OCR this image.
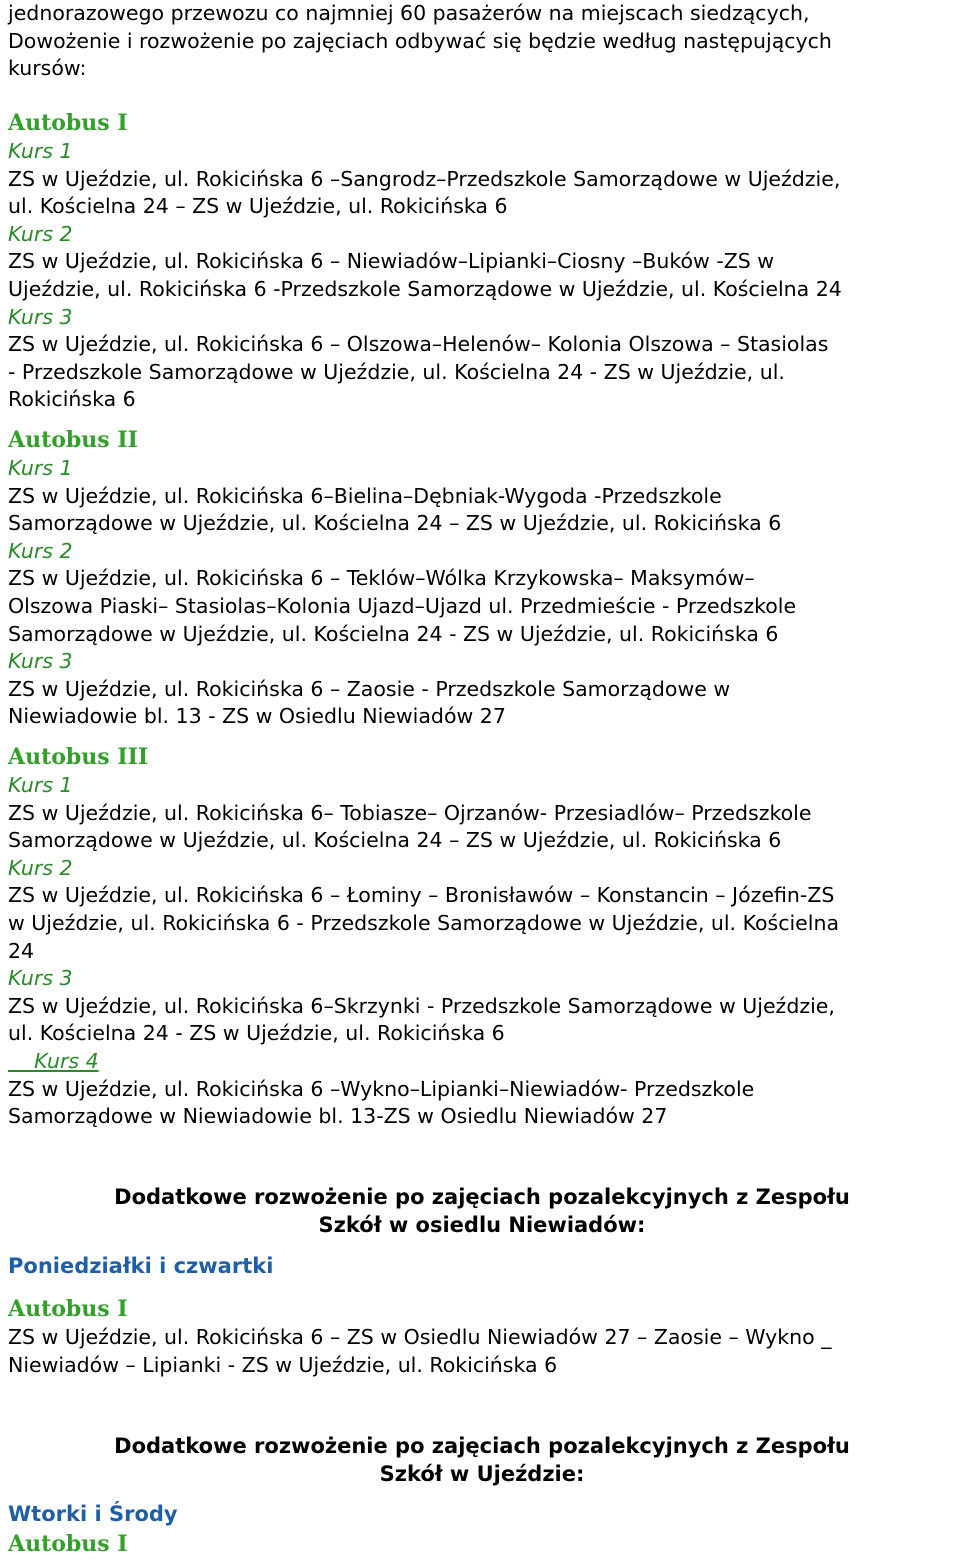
jednorazowego przewozu co najmniej 60 pasażerów na miejscach siedzących,

Dowożenie i rozwożenie po zajęciach odbywać się będzie według następujących

kursów:

Autobus I

Kurs 1

ZS w Ujeździe, ul. Rokicińska 6 –Sangrodz–Przedszkole Samorządowe w Ujeździe,

ul. Kościelna 24 – ZS w Ujeździe, ul. Rokicińska 6

Kurs 2

ZS w Ujeździe, ul. Rokicińska 6 – Niewiadów–Lipianki–Ciosny –Buków -ZS w

Ujeździe, ul. Rokicińska 6 -Przedszkole Samorządowe w Ujeździe, ul. Kościelna 24

Kurs 3

ZS w Ujeździe, ul. Rokicińska 6 – Olszowa–Helenów– Kolonia Olszowa – Stasiolas

- Przedszkole Samorządowe w Ujeździe, ul. Kościelna 24 - ZS w Ujeździe, ul.

Rokicińska 6

Autobus II

Kurs 1

ZS w Ujeździe, ul. Rokicińska 6–Bielina–Dębniak-Wygoda -Przedszkole

Samorządowe w Ujeździe, ul. Kościelna 24 – ZS w Ujeździe, ul. Rokicińska 6

Kurs 2

ZS w Ujeździe, ul. Rokicińska 6 – Teklów–Wólka Krzykowska– Maksymów–

Olszowa Piaski– Stasiolas–Kolonia Ujazd–Ujazd ul. Przedmieście - Przedszkole

Samorządowe w Ujeździe, ul. Kościelna 24 - ZS w Ujeździe, ul. Rokicińska 6

Kurs 3

ZS w Ujeździe, ul. Rokicińska 6 – Zaosie - Przedszkole Samorządowe w

Niewiadowie bl. 13 - ZS w Osiedlu Niewiadów 27

Autobus III

Kurs 1

ZS w Ujeździe, ul. Rokicińska 6– Tobiasze– Ojrzanów- Przesiadlów– Przedszkole

Samorządowe w Ujeździe, ul. Kościelna 24 – ZS w Ujeździe, ul. Rokicińska 6

Kurs 2

ZS w Ujeździe, ul. Rokicińska 6 – Łominy – Bronisławów – Konstancin – Józefin-ZS

w Ujeździe, ul. Rokicińska 6 - Przedszkole Samorządowe w Ujeździe, ul. Kościelna

24

Kurs 3

ZS w Ujeździe, ul. Rokicińska 6–Skrzynki - Przedszkole Samorządowe w Ujeździe,

ul. Kościelna 24 - ZS w Ujeździe, ul. Rokicińska 6

Kurs 4

ZS w Ujeździe, ul. Rokicińska 6 –Wykno–Lipianki–Niewiadów- Przedszkole

Samorządowe w Niewiadowie bl. 13-ZS w Osiedlu Niewiadów 27

Dodatkowe rozwożenie po zajęciach pozalekcyjnych z Zespołu

Szkół w osiedlu Niewiadów:

Poniedziałki i czwartki

Autobus I

ZS w Ujeździe, ul. Rokicińska 6 – ZS w Osiedlu Niewiadów 27 – Zaosie – Wykno _

Niewiadów – Lipianki - ZS w Ujeździe, ul. Rokicińska 6

Dodatkowe rozwożenie po zajęciach pozalekcyjnych z Zespołu

Szkół w Ujeździe:

Wtorki i Środy

Autobus I
